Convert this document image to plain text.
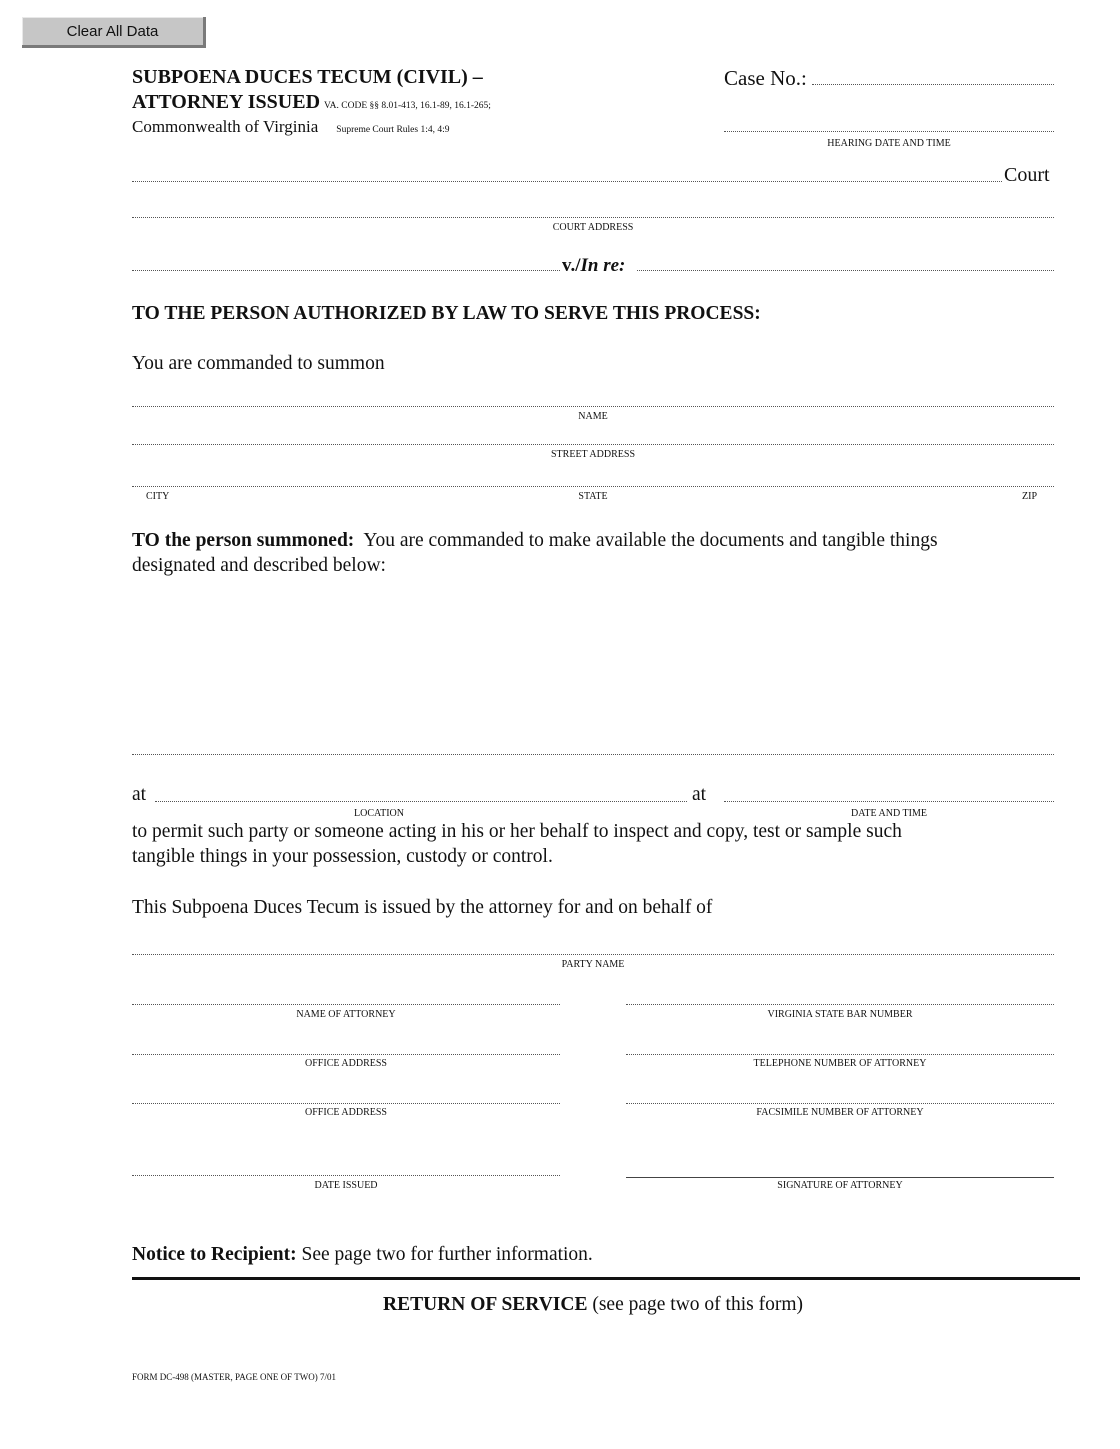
Clear All Data
SUBPOENA DUCES TECUM (CIVIL) –
ATTORNEY ISSUED VA. CODE §§ 8.01-413, 16.1-89, 16.1-265;
Commonwealth of Virginia Supreme Court Rules 1:4, 4:9
Case No.:
HEARING DATE AND TIME
Court
COURT ADDRESS
v./In re:
TO THE PERSON AUTHORIZED BY LAW TO SERVE THIS PROCESS:
You are commanded to summon
NAME
STREET ADDRESS
CITY	STATE	ZIP
TO the person summoned: You are commanded to make available the documents and tangible things
designated and described below:
at
LOCATION
at
DATE AND TIME
to permit such party or someone acting in his or her behalf to inspect and copy, test or sample such
tangible things in your possession, custody or control.
This Subpoena Duces Tecum is issued by the attorney for and on behalf of
PARTY NAME
NAME OF ATTORNEY	VIRGINIA STATE BAR NUMBER
OFFICE ADDRESS	TELEPHONE NUMBER OF ATTORNEY
OFFICE ADDRESS	FACSIMILE NUMBER OF ATTORNEY
DATE ISSUED	SIGNATURE OF ATTORNEY
Notice to Recipient: See page two for further information.
RETURN OF SERVICE (see page two of this form)
FORM DC-498 (MASTER, PAGE ONE OF TWO) 7/01
